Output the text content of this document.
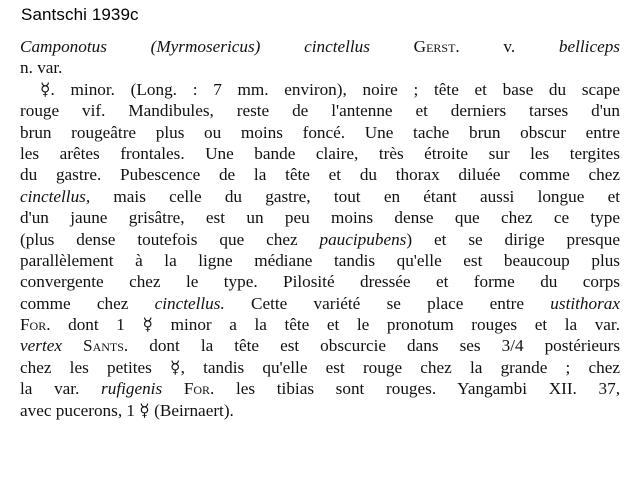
Santschi 1939c
Camponotus (Myrmosericus) cinctellus	Gerst. v. belliceps
n. var.
☿. minor. (Long. : 7 mm. environ), noire ; tête et base du scape
rouge vif. Mandibules, reste de l'antenne et derniers tarses d'un
brun rougeâtre plus ou moins foncé. Une tache brun obscur entre
les arêtes frontales. Une bande claire, très étroite sur les tergites
du gastre. Pubescence de la tête et du thorax diluée comme chez
cinctellus, mais celle du gastre, tout en étant aussi longue et
d'un jaune grisâtre, est un peu moins dense que chez ce type
(plus dense toutefois que chez paucipubens) et se dirige presque
parallèlement à la ligne médiane tandis qu'elle est beaucoup plus
convergente chez le type. Pilosité dressée et forme du corps
comme chez cinctellus. Cette variété se place entre ustithorax
For. dont 1 ☿ minor a la tête et le pronotum rouges et la var.
vertex Sants. dont la tête est obscurcie dans ses 3/4 postérieurs
chez les petites ☿, tandis qu'elle est rouge chez la grande ; chez
la var. rufigenis For. les tibias sont rouges. Yangambi XII. 37,
avec pucerons, 1 ☿ (Beirnaert).
